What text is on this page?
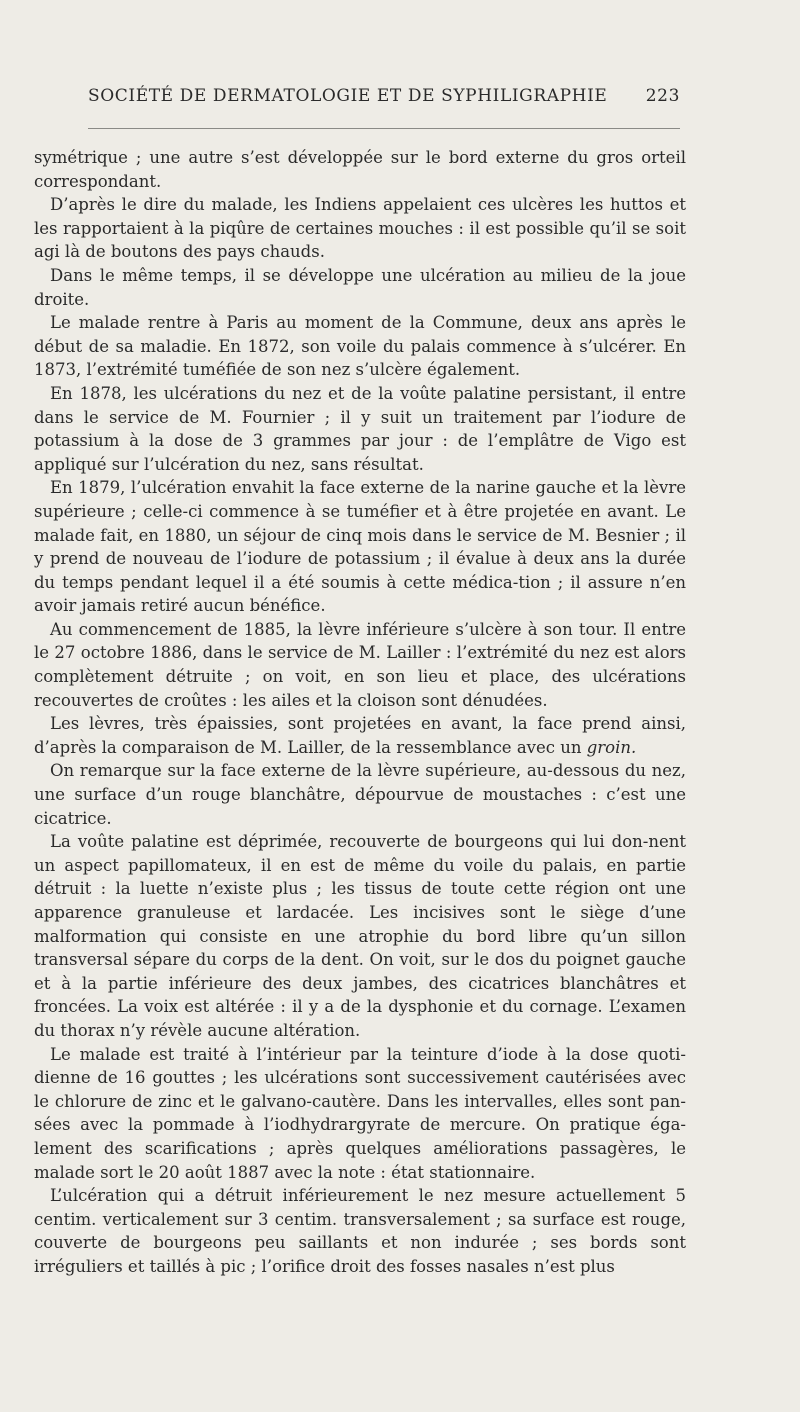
SOCIÉTÉ DE DERMATOLOGIE ET DE SYPHILIGRAPHIE 223

symétrique ; une autre s’est développée sur le bord externe du gros orteil correspondant.

D’après le dire du malade, les Indiens appelaient ces ulcères les huttos et les rapportaient à la piqûre de certaines mouches : il est possible qu’il se soit agi là de boutons des pays chauds.

Dans le même temps, il se développe une ulcération au milieu de la joue droite.

Le malade rentre à Paris au moment de la Commune, deux ans après le début de sa maladie. En 1872, son voile du palais commence à s’ulcérer. En 1873, l’extrémité tuméfiée de son nez s’ulcère également.

En 1878, les ulcérations du nez et de la voûte palatine persistant, il entre dans le service de M. Fournier ; il y suit un traitement par l’iodure de potassium à la dose de 3 grammes par jour : de l’emplâtre de Vigo est appliqué sur l’ulcération du nez, sans résultat.

En 1879, l’ulcération envahit la face externe de la narine gauche et la lèvre supérieure ; celle-ci commence à se tuméfier et à être projetée en avant. Le malade fait, en 1880, un séjour de cinq mois dans le service de M. Besnier ; il y prend de nouveau de l’iodure de potassium ; il évalue à deux ans la durée du temps pendant lequel il a été soumis à cette médica-tion ; il assure n’en avoir jamais retiré aucun bénéfice.

Au commencement de 1885, la lèvre inférieure s’ulcère à son tour. Il entre le 27 octobre 1886, dans le service de M. Lailler : l’extrémité du nez est alors complètement détruite ; on voit, en son lieu et place, des ulcérations recouvertes de croûtes : les ailes et la cloison sont dénudées.

Les lèvres, très épaissies, sont projetées en avant, la face prend ainsi, d’après la comparaison de M. Lailler, de la ressemblance avec un groin.

On remarque sur la face externe de la lèvre supérieure, au-dessous du nez, une surface d’un rouge blanchâtre, dépourvue de moustaches : c’est une cicatrice.

La voûte palatine est déprimée, recouverte de bourgeons qui lui don-nent un aspect papillomateux, il en est de même du voile du palais, en partie détruit : la luette n’existe plus ; les tissus de toute cette région ont une apparence granuleuse et lardacée. Les incisives sont le siège d’une malformation qui consiste en une atrophie du bord libre qu’un sillon transversal sépare du corps de la dent. On voit, sur le dos du poignet gauche et à la partie inférieure des deux jambes, des cicatrices blanchâtres et froncées. La voix est altérée : il y a de la dysphonie et du cornage. L’examen du thorax n’y révèle aucune altération.

Le malade est traité à l’intérieur par la teinture d’iode à la dose quoti-dienne de 16 gouttes ; les ulcérations sont successivement cautérisées avec le chlorure de zinc et le galvano-cautère. Dans les intervalles, elles sont pan-sées avec la pommade à l’iodhydrargyrate de mercure. On pratique éga-lement des scarifications ; après quelques améliorations passagères, le malade sort le 20 août 1887 avec la note : état stationnaire.

L’ulcération qui a détruit inférieurement le nez mesure actuellement 5 centim. verticalement sur 3 centim. transversalement ; sa surface est rouge, couverte de bourgeons peu saillants et non indurée ; ses bords sont irréguliers et taillés à pic ; l’orifice droit des fosses nasales n’est plus
